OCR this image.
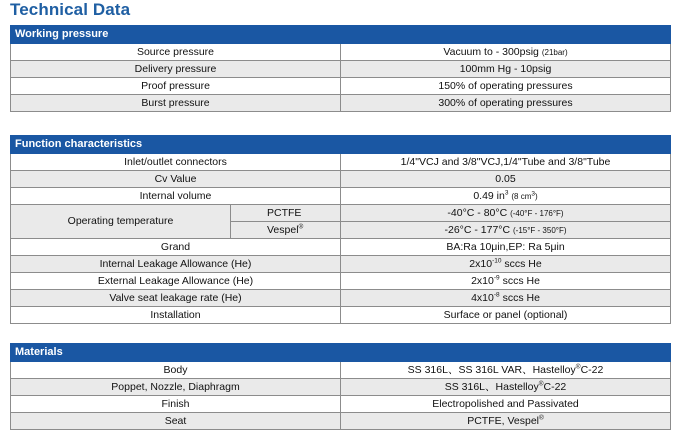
Technical Data
Working pressure	
Source pressure	Vacuum to - 300psig (21bar)
Delivery pressure	100mm Hg - 10psig
Proof pressure	150% of operating pressures
Burst pressure	300% of operating pressures
Function characteristics		
Inlet/outlet connectors		1/4"VCJ and 3/8"VCJ,1/4"Tube and 3/8"Tube
Cv Value		0.05
Internal volume		0.49 $in^3$ (8 $cm^3$)
Operating temperature	PCTFE	-40°C - 80°C (-40°F - 176°F)
	Vespel®	-26°C - 177°C (-15°F - 350°F)
Grand		BA:Ra 10μin,EP: Ra 5μin
Internal Leakage Allowance (He)		$2x10^{-10}$ sccs He
External Leakage Allowance (He)		$2x10^{-9}$ sccs He
Valve seat leakage rate (He)		$4x10^{-8}$ sccs He
Installation		Surface or panel (optional)
Materials	
Body	SS 316L、SS 316L VAR、Hastelloy®C-22
Poppet, Nozzle, Diaphragm	SS 316L、Hastelloy®C-22
Finish	Electropolished and Passivated
Seat	PCTFE, Vespel®
